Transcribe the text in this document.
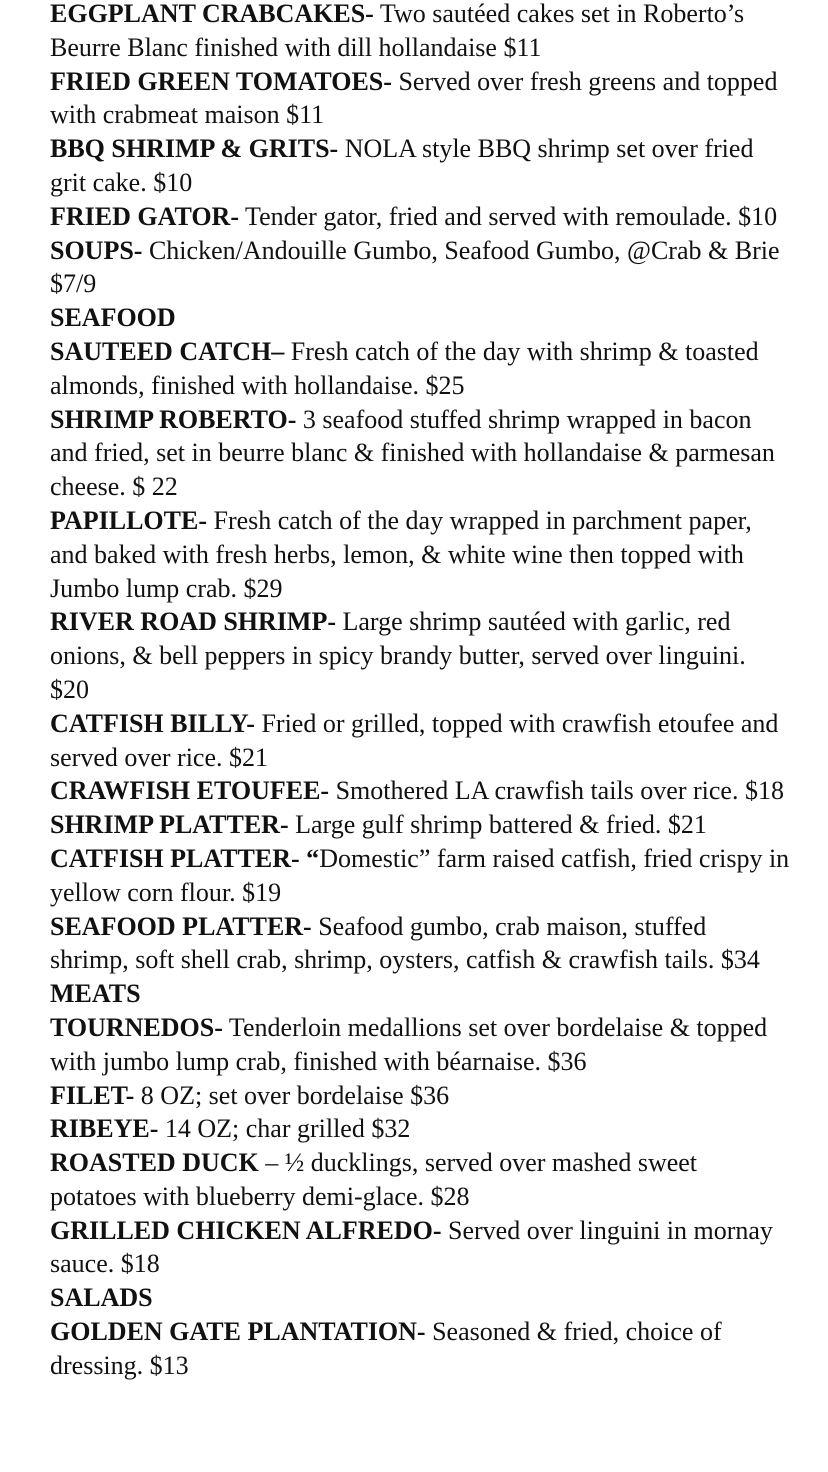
EGGPLANT CRABCAKES- Two sautéed cakes set in Roberto’s Beurre Blanc finished with dill hollandaise $11

FRIED GREEN TOMATOES- Served over fresh greens and topped with crabmeat maison $11

BBQ SHRIMP & GRITS- NOLA style BBQ shrimp set over fried grit cake. $10

FRIED GATOR- Tender gator, fried and served with remoulade. $10

SOUPS- Chicken/Andouille Gumbo, Seafood Gumbo, @Crab & Brie $7/9

SEAFOOD

SAUTEED CATCH– Fresh catch of the day with shrimp & toasted almonds, finished with hollandaise. $25

SHRIMP ROBERTO- 3 seafood stuffed shrimp wrapped in bacon and fried, set in beurre blanc & finished with hollandaise & parmesan cheese. $ 22

PAPILLOTE- Fresh catch of the day wrapped in parchment paper, and baked with fresh herbs, lemon, & white wine then topped with Jumbo lump crab. $29

RIVER ROAD SHRIMP- Large shrimp sautéed with garlic, red onions, & bell peppers in spicy brandy butter, served over linguini. $20

CATFISH BILLY- Fried or grilled, topped with crawfish etoufee and served over rice. $21

CRAWFISH ETOUFEE- Smothered LA crawfish tails over rice. $18

SHRIMP PLATTER- Large gulf shrimp battered & fried. $21

CATFISH PLATTER- “Domestic” farm raised catfish, fried crispy in yellow corn flour. $19

SEAFOOD PLATTER- Seafood gumbo, crab maison, stuffed shrimp, soft shell crab, shrimp, oysters, catfish & crawfish tails. $34

MEATS

TOURNEDOS- Tenderloin medallions set over bordelaise & topped with jumbo lump crab, finished with béarnaise. $36

FILET- 8 OZ; set over bordelaise $36

RIBEYE- 14 OZ; char grilled $32

ROASTED DUCK – ½ ducklings, served over mashed sweet potatoes with blueberry demi-glace. $28

GRILLED CHICKEN ALFREDO- Served over linguini in mornay sauce. $18

SALADS

GOLDEN GATE PLANTATION- Seasoned & fried, choice of dressing. $13
